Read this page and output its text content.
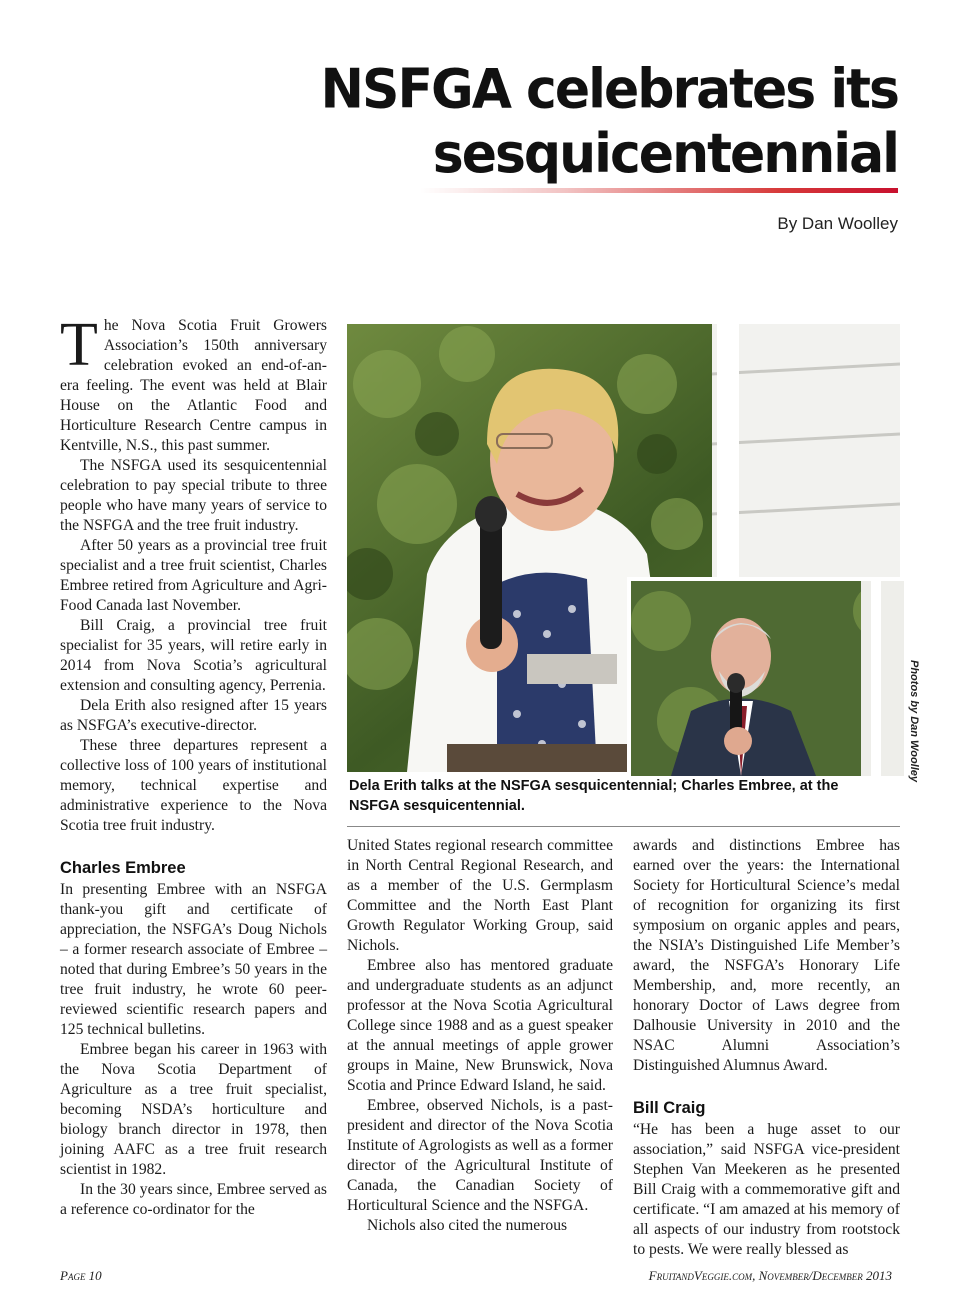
NSFGA celebrates its
sesquicentennial
By Dan Woolley

The Nova Scotia Fruit Growers Association’s 150th anniversary celebration evoked an end-of-an-era feeling. The event was held at Blair House on the Atlantic Food and Horticulture Research Centre campus in Kentville, N.S., this past summer.

The NSFGA used its sesquicentennial celebration to pay special tribute to three people who have many years of service to the NSFGA and the tree fruit industry.

After 50 years as a provincial tree fruit specialist and a tree fruit scientist, Charles Embree retired from Agriculture and Agri-Food Canada last November.

Bill Craig, a provincial tree fruit specialist for 35 years, will retire early in 2014 from Nova Scotia’s agricultural extension and consulting agency, Perrenia.

Dela Erith also resigned after 15 years as NSFGA’s executive-director.

These three departures represent a collective loss of 100 years of institutional memory, technical expertise and administrative experience to the Nova Scotia tree fruit industry.

Charles Embree

In presenting Embree with an NSFGA thank-you gift and certificate of appreciation, the NSFGA’s Doug Nichols – a former research associate of Embree – noted that during Embree’s 50 years in the tree fruit industry, he wrote 60 peer-reviewed scientific research papers and 125 technical bulletins.

Embree began his career in 1963 with the Nova Scotia Department of Agriculture as a tree fruit specialist, becoming NSDA’s horticulture and biology branch director in 1978, then joining AAFC as a tree fruit research scientist in 1982.

In the 30 years since, Embree served as a reference co-ordinator for the

Photos by Dan Woolley
Dela Erith talks at the NSFGA sesquicentennial; Charles Embree, at the NSFGA sesquicentennial.

United States regional research committee in North Central Regional Research, and as a member of the U.S. Germplasm Committee and the North East Plant Growth Regulator Working Group, said Nichols.

Embree also has mentored graduate and undergraduate students as an adjunct professor at the Nova Scotia Agricultural College since 1988 and as a guest speaker at the annual meetings of apple grower groups in Maine, New Brunswick, Nova Scotia and Prince Edward Island, he said.

Embree, observed Nichols, is a past-president and director of the Nova Scotia Institute of Agrologists as well as a former director of the Agricultural Institute of Canada, the Canadian Society of Horticultural Science and the NSFGA.

Nichols also cited the numerous

awards and distinctions Embree has earned over the years: the International Society for Horticultural Science’s medal of recognition for organizing its first symposium on organic apples and pears, the NSIA’s Distinguished Life Member’s award, the NSFGA’s Honorary Life Membership, and, more recently, an honorary Doctor of Laws degree from Dalhousie University in 2010 and the NSAC Alumni Association’s Distinguished Alumnus Award.

Bill Craig

“He has been a huge asset to our association,” said NSFGA vice-president Stephen Van Meekeren as he presented Bill Craig with a commemorative gift and certificate. “I am amazed at his memory of all aspects of our industry from rootstock to pests. We were really blessed as

Page 10	FruitandVeggie.com, November/December 2013
